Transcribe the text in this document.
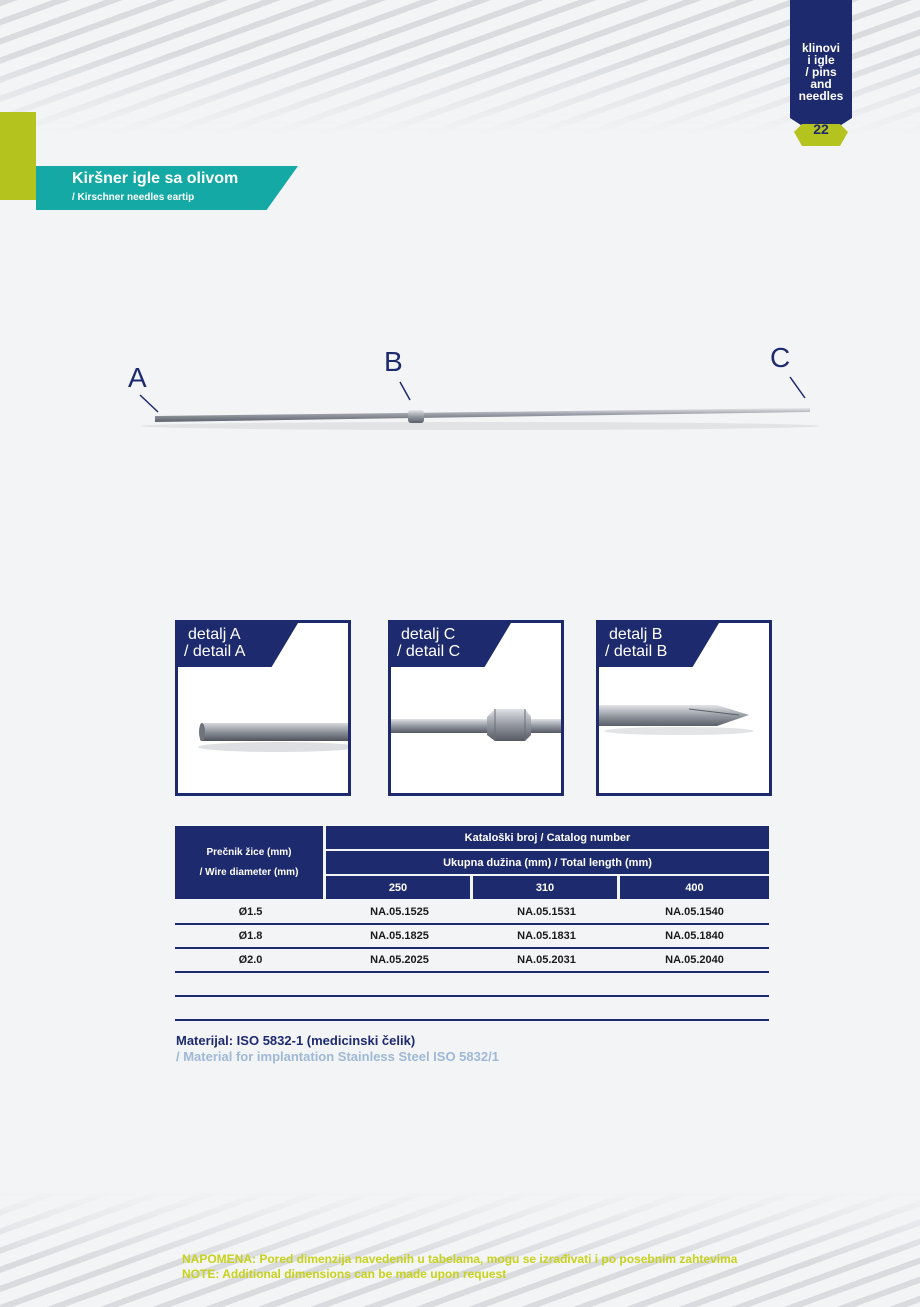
klinovi
i igle
/ pins
and
needles
22
Kiršner igle sa olivom
/ Kirschner needles eartip
A
B	C
detalj A
/ detail A
detalj C
/ detail C
detalj B
/ detail B
Prečnik žice (mm)
/ Wire diameter (mm)	Kataloški broj / Catalog number		
	Ukupna dužina (mm) / Total length (mm)		
	250	310	400
Ø1.5	NA.05.1525	NA.05.1531	NA.05.1540
Ø1.8	NA.05.1825	NA.05.1831	NA.05.1840
Ø2.0	NA.05.2025	NA.05.2031	NA.05.2040

Materijal: ISO 5832-1 (medicinski čelik)
/ Material for implantation Stainless Steel ISO 5832/1
NAPOMENA: Pored dimenzija navedenih u tabelama, mogu se izrađivati i po posebnim zahtevima
NOTE: Additional dimensions can be made upon request
